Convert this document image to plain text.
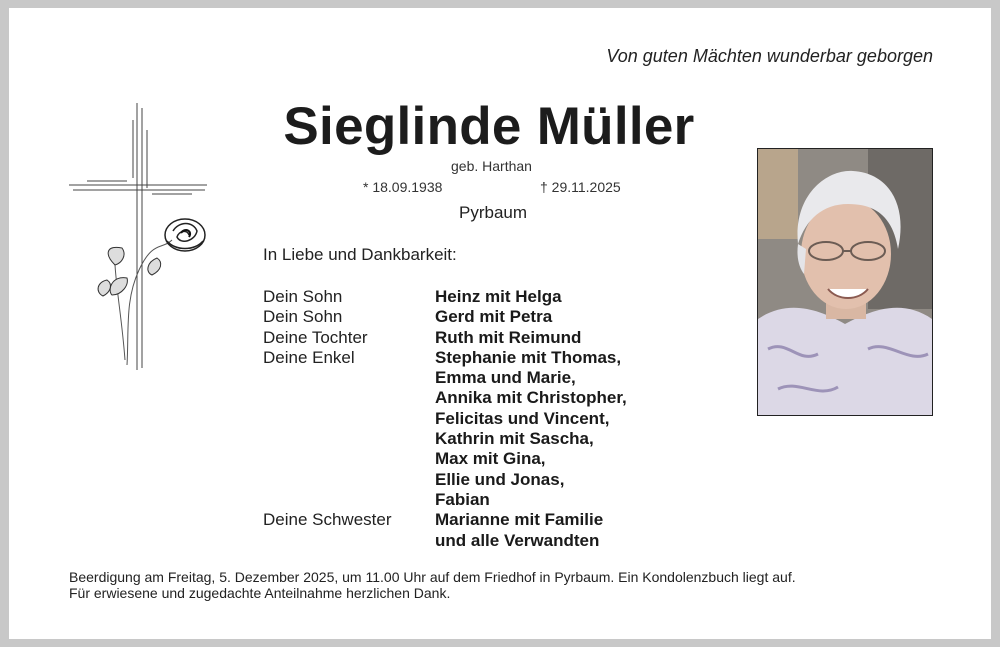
Von guten Mächten wunderbar geborgen
Sieglinde Müller
geb. Harthan
* 18.09.1938	† 29.11.2025
Pyrbaum
In Liebe und Dankbarkeit:
Dein Sohn	Heinz mit Helga
Dein Sohn	Gerd mit Petra
Deine Tochter	Ruth mit Reimund
Deine Enkel	Stephanie mit Thomas,
Emma und Marie,
Annika mit Christopher,
Felicitas und Vincent,
Kathrin mit Sascha,
Max mit Gina,
Ellie und Jonas,
Fabian
Deine Schwester	Marianne mit Familie
und alle Verwandten
Beerdigung am Freitag, 5. Dezember 2025, um 11.00 Uhr auf dem Friedhof in Pyrbaum. Ein Kondolenzbuch liegt auf.
Für erwiesene und zugedachte Anteilnahme herzlichen Dank.
